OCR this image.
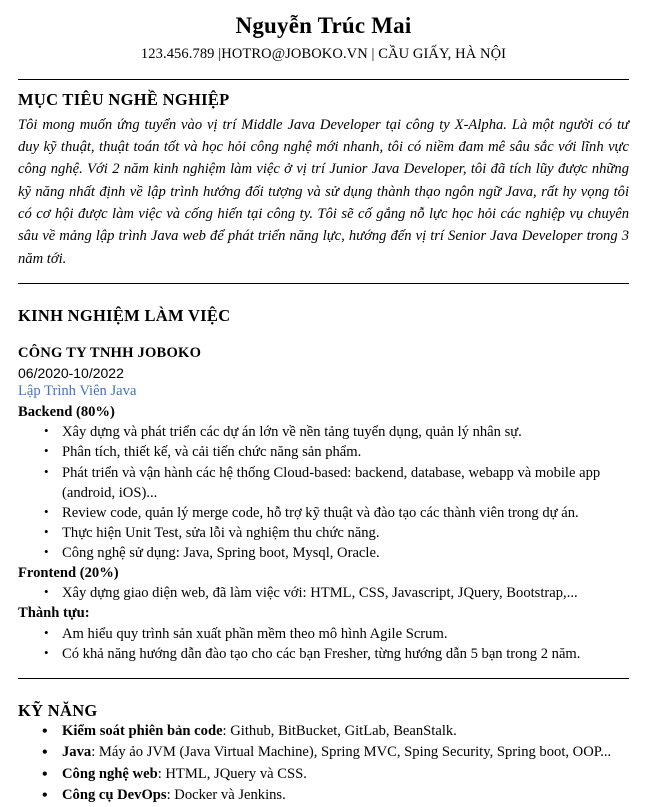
Nguyễn Trúc Mai
123.456.789 |HOTRO@JOBOKO.VN | CẦU GIẤY, HÀ NỘI
MỤC TIÊU NGHỀ NGHIỆP

Tôi mong muốn ứng tuyển vào vị trí Middle Java Developer tại công ty X-Alpha. Là một người có tư duy kỹ thuật, thuật toán tốt và học hỏi công nghệ mới nhanh, tôi có niềm đam mê sâu sắc với lĩnh vực công nghệ. Với 2 năm kinh nghiệm làm việc ở vị trí Junior Java Developer, tôi đã tích lũy được những kỹ năng nhất định về lập trình hướng đối tượng và sử dụng thành thạo ngôn ngữ Java, rất hy vọng tôi có cơ hội được làm việc và cống hiến tại công ty. Tôi sẽ cố gắng nỗ lực học hỏi các nghiệp vụ chuyên sâu về mảng lập trình Java web để phát triển năng lực, hướng đến vị trí Senior Java Developer trong 3 năm tới.

KINH NGHIỆM LÀM VIỆC
CÔNG TY TNHH JOBOKO
06/2020-10/2022
Lập Trình Viên Java
Backend (80%)
• Xây dựng và phát triển các dự án lớn về nền tảng tuyển dụng, quản lý nhân sự.
• Phân tích, thiết kế, và cải tiến chức năng sản phẩm.
• Phát triển và vận hành các hệ thống Cloud-based: backend, database, webapp và mobile app (android, iOS)...
• Review code, quản lý merge code, hỗ trợ kỹ thuật và đào tạo các thành viên trong dự án.
• Thực hiện Unit Test, sửa lỗi và nghiệm thu chức năng.
• Công nghệ sử dụng: Java, Spring boot, Mysql, Oracle.
Frontend (20%)
• Xây dựng giao diện web, đã làm việc với: HTML, CSS, Javascript, JQuery, Bootstrap,...
Thành tựu:
• Am hiểu quy trình sản xuất phần mềm theo mô hình Agile Scrum.
• Có khả năng hướng dẫn đào tạo cho các bạn Fresher, từng hướng dẫn 5 bạn trong 2 năm.
KỸ NĂNG
• Kiểm soát phiên bản code: Github, BitBucket, GitLab, BeanStalk.
• Java: Máy ảo JVM (Java Virtual Machine), Spring MVC, Sping Security, Spring boot, OOP...
• Công nghệ web: HTML, JQuery và CSS.
• Công cụ DevOps: Docker và Jenkins.
